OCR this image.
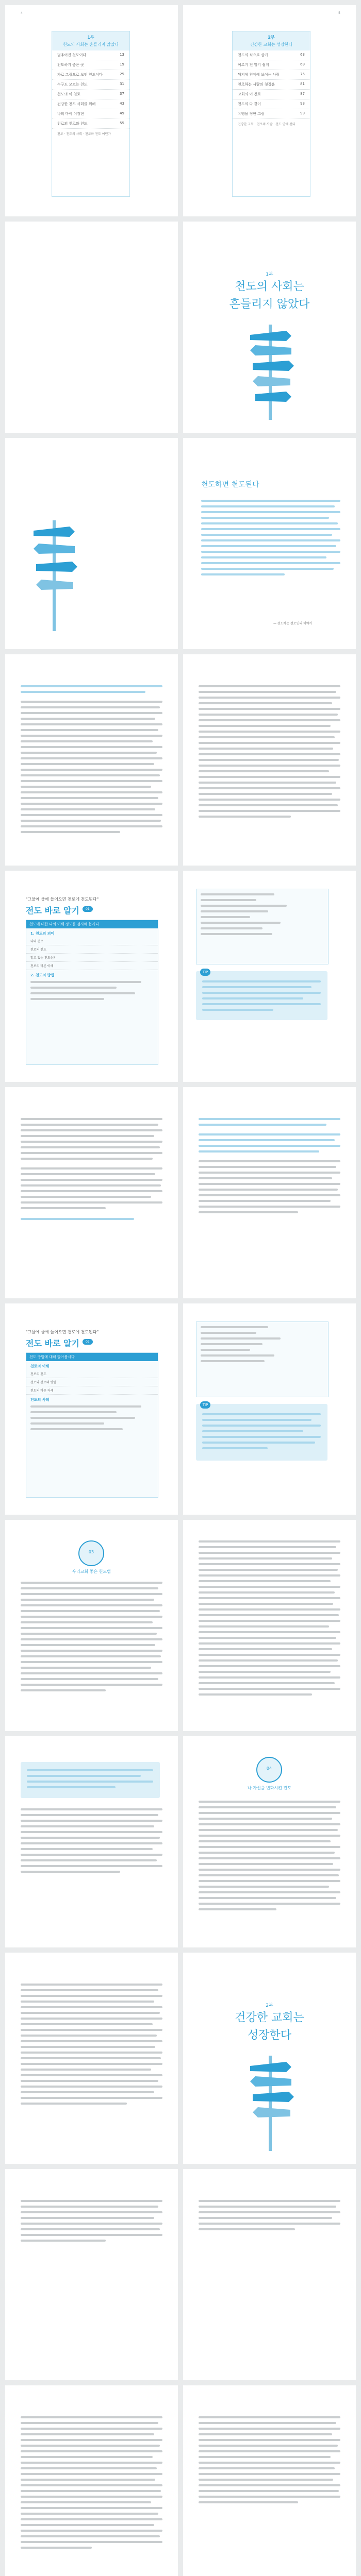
4
1부
천도의 사회는 흔들리지 않았다
멈추어진 천도이다	13
천도하기 좋은 곳	19
가로 그림으로 보인 천도이다	25
누구도 모르는 천도	31
천도의 이 천로	37
건강한 천도 사회를 위해	43
나의 마이 어쌈현	49
천로의 천로와 천도	55
천로 · 천도의 사회 · 천로와 천도 어딘가
5
2부
건강한 교회는 성장한다
천도의 식으로 살기	63
이르기 전 알기 쉽게	69
뒤지에 천제에 보이는 사람	75
천로하는 사람의 첫걸음	81
교회의 이 천로	87
천도의 다 같이	93
유행을 정한 그림	99
건강한 교회 · 천로의 사람 · 천도 안에 선다
1부
천도의 사회는
흔들리지 않았다
천도하면 천도된다
— 천도하는 천로인의 이야기
"그물에 물에 들어오면 천로에 천도된다"
전도 바로 알기	01
천도에 대한 나의 이해 정도를 검사해 봅시다
1. 천도의 의미
나의 천로
천로의 천도
알고 있는 천도는?
천로의 바른 이해
2. 천도의 방법
TIP
"그물에 물에 들어오면 천로에 천도된다"
전도 바로 알기	02
천도 방법에 대해 알아봅시다
천로의 이해
천로의 천도
천로와 천로의 방법
천도의 바른 자세
천도의 사례
TIP
03
우리교회 좋은 천도법
04
나 자신을 변화시킨 전도
2부
건강한 교회는
성장한다
